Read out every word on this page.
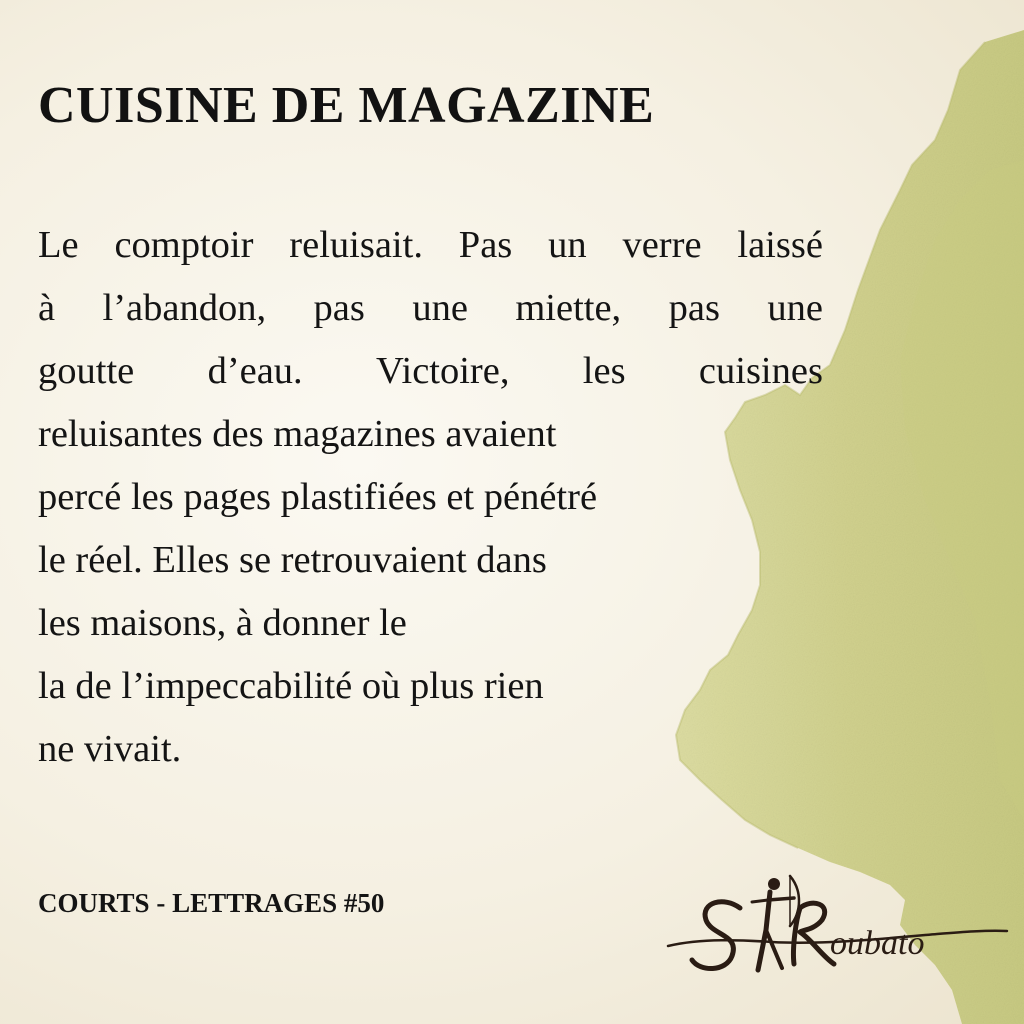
CUISINE DE MAGAZINE
Le comptoir reluisait. Pas un verre laissé
à l’abandon, pas une miette, pas une
goutte d’eau. Victoire, les cuisines
reluisantes des magazines avaient
percé les pages plastifiées et pénétré
le réel. Elles se retrouvaient dans
les maisons, à donner le
la de l’impeccabilité où plus rien
ne vivait.
COURTS - LETTRAGES #50
oubato
